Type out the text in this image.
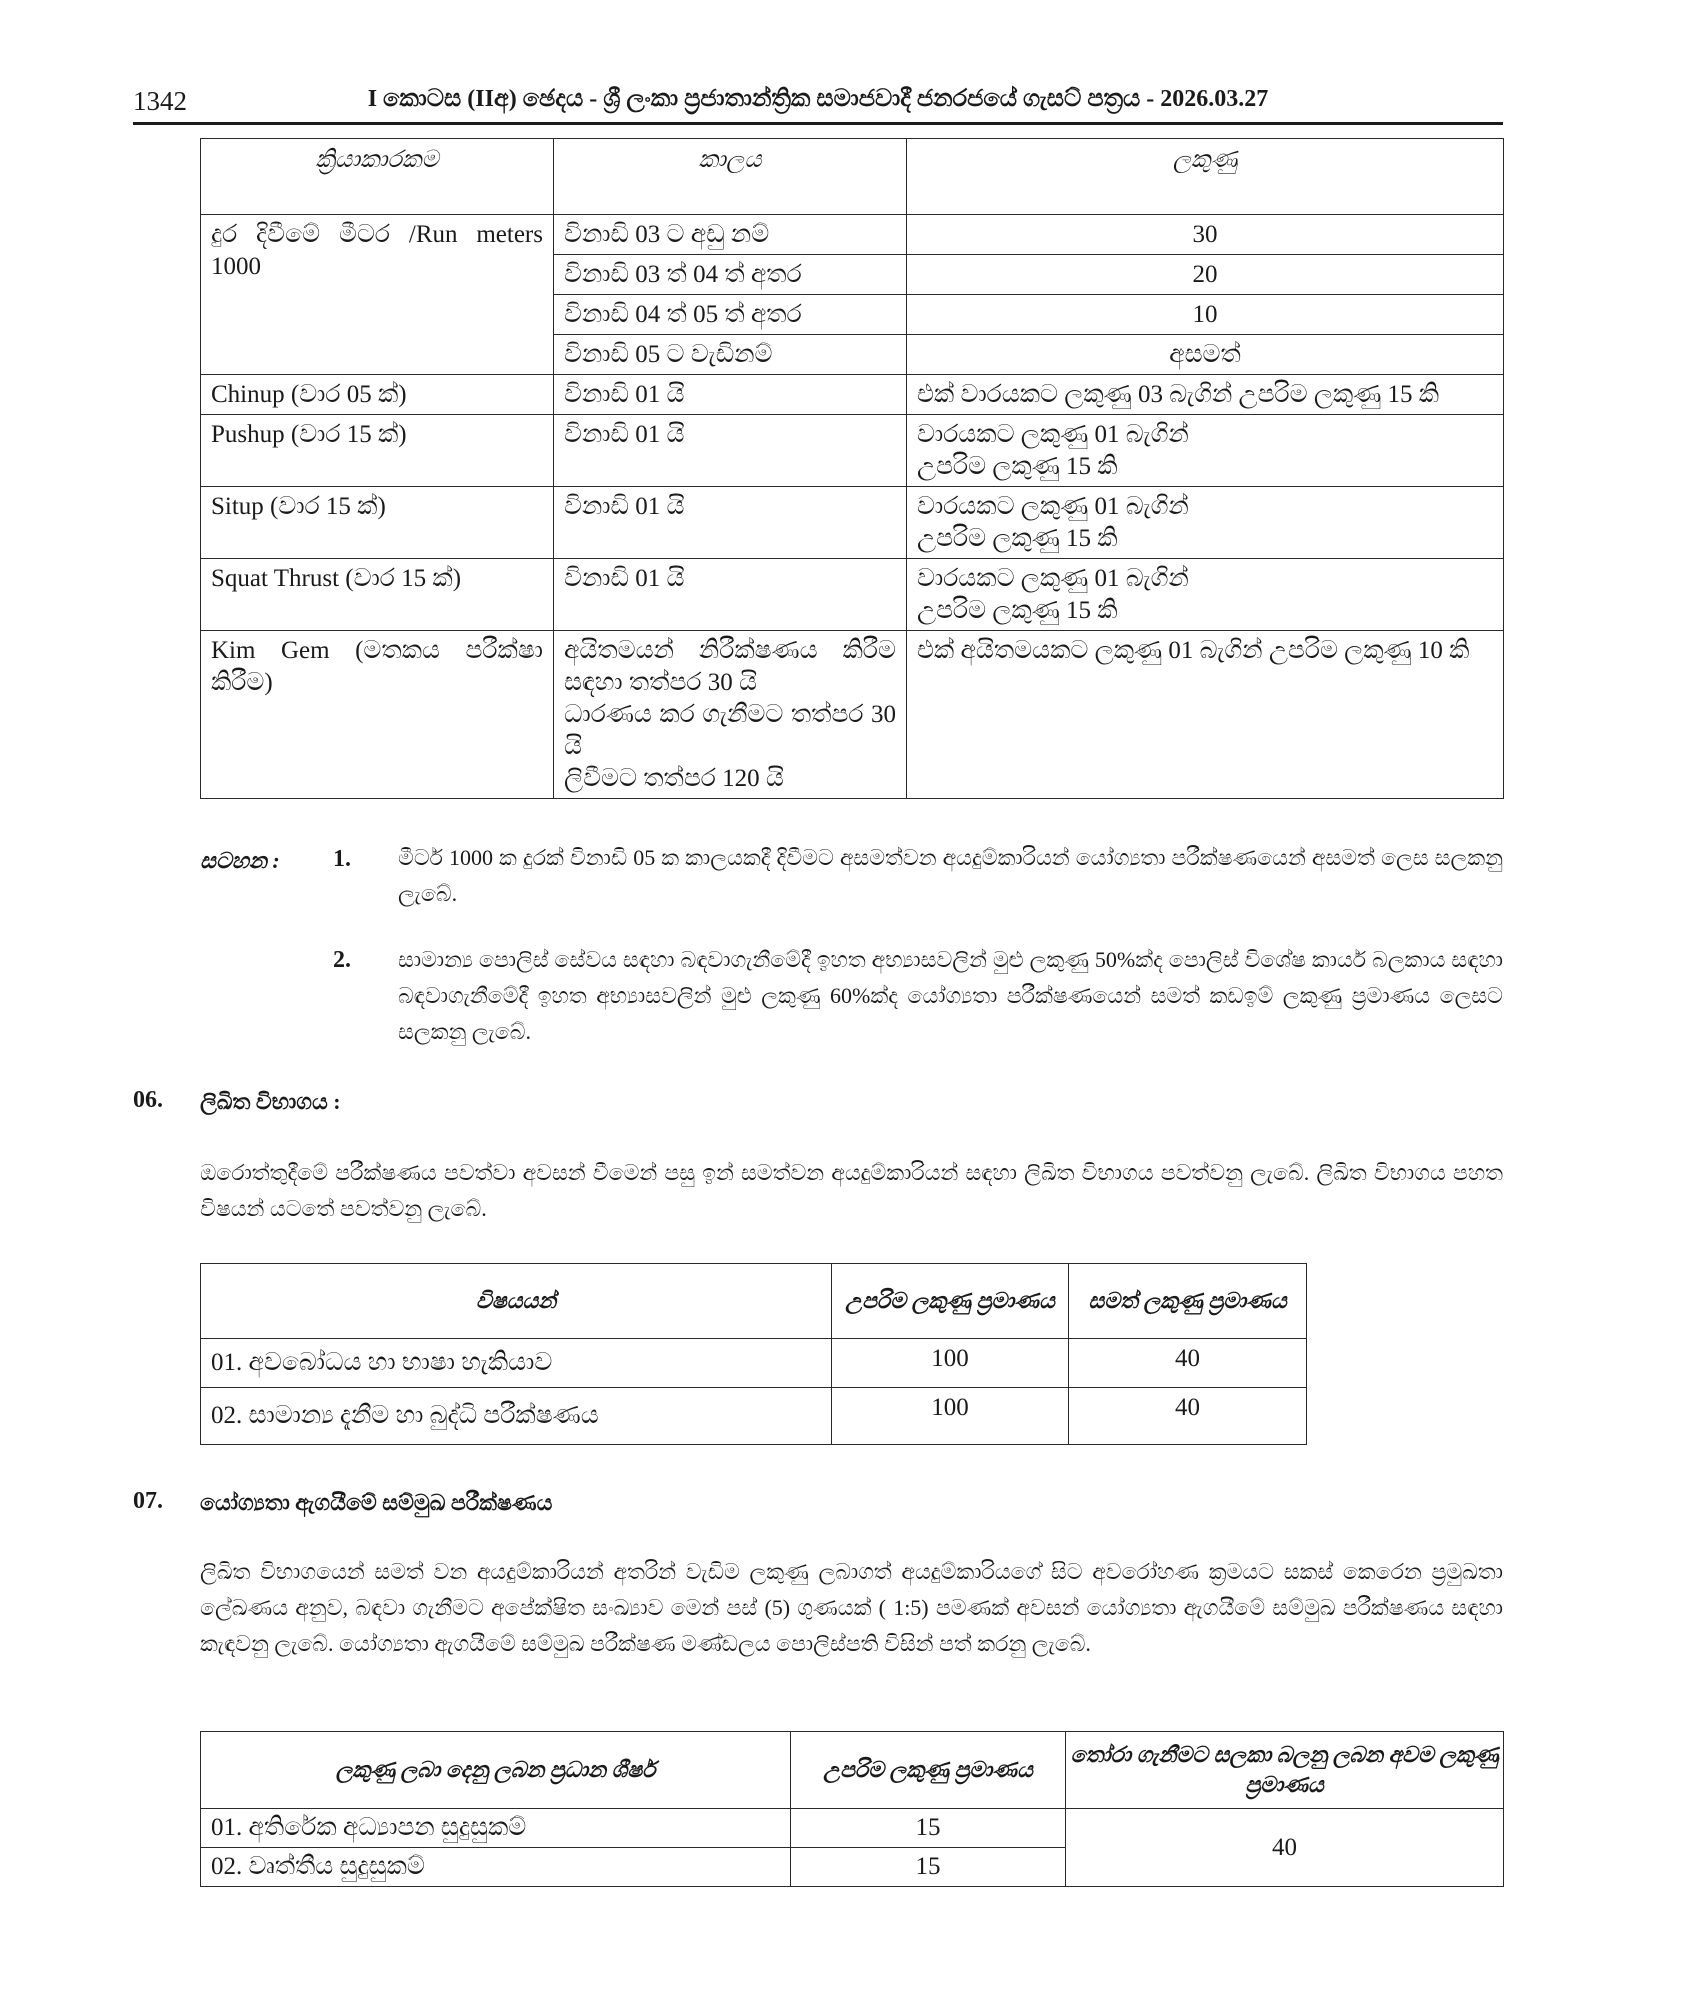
1342	I කොටස (IIඅ) ඡෙදය - ශ්‍රී ලංකා ප්‍රජාතාන්ත්‍රික සමාජවාදී ජනරජයේ ගැසට් පත්‍රය - 2026.03.27
ක්‍රියාකාරකම	කාලය	ලකුණු
දුර දිවීමේ මීටර /Run meters 1000	විනාඩි 03 ට අඩු නම්	30
	විනාඩි 03 ත් 04 ත් අතර	20
	විනාඩි 04 ත් 05 ත් අතර	10
	විනාඩි 05 ට වැඩිනම්	අසමත්
Chinup (වාර 05 ක්)	විනාඩි 01 යි	එක් වාරයකට ලකුණු 03 බැගින් උපරිම ලකුණු 15 කි
Pushup (වාර 15 ක්)	විනාඩි 01 යි	වාරයකට ලකුණු 01 බැගින්
උපරිම ලකුණු 15 කි

Situp (වාර 15 ක්)	විනාඩි 01 යි	වාරයකට ලකුණු 01 බැගින්
උපරිම ලකුණු 15 කි

Squat Thrust (වාර 15 ක්)	විනාඩි 01 යි	වාරයකට ලකුණු 01 බැගින්
උපරිම ලකුණු 15 කි

Kim Gem (මතකය පරීක්ෂා කිරීම)	අයිතමයන් නිරීක්ෂණය කිරීම සඳහා තත්පර 30 යි
ධාරණය කර ගැනීමට තත්පර 30 යි
ලිවීමට තත්පර 120 යි	එක් අයිතමයකට ලකුණු 01 බැගින් උපරිම ලකුණු 10 කි
සටහන : 1. මීටර් 1000 ක දුරක් විනාඩි 05 ක කාලයකදී දිවීමට අසමත්වන අයදුම්කාරියන් යෝග්‍යතා පරීක්ෂණයෙන් අසමත් ලෙස සලකනු ලැබේ.
2. සාමාන්‍ය පොලිස් සේවය සඳහා බඳවාගැනීමේදී ඉහත අභ්‍යාසවලින් මුළු ලකුණු 50%ක්ද පොලිස් විශේෂ කාර්ය බලකාය සඳහා බඳවාගැනීමේදී ඉහත අභ්‍යාසවලින් මුළු ලකුණු 60%ක්ද යෝග්‍යතා පරීක්ෂණයෙන් සමත් කඩඉම් ලකුණු ප්‍රමාණය ලෙසට සලකනු ලැබේ.
06. ලිඛිත විභාගය :
ඔරොත්තුදීමේ පරීක්ෂණය පවත්වා අවසන් වීමෙන් පසු ඉන් සමත්වන අයදුම්කාරියන් සඳහා ලිඛිත විභාගය පවත්වනු ලැබේ. ලිඛිත විභාගය පහත විෂයන් යටතේ පවත්වනු ලැබේ.
විෂයයන්	උපරිම ලකුණු ප්‍රමාණය	සමත් ලකුණු ප්‍රමාණය
01. අවබෝධය හා භාෂා හැකියාව	100	40
02. සාමාන්‍ය දැනීම හා බුද්ධි පරීක්ෂණය	100	40
07. යෝග්‍යතා ඇගයීමේ සම්මුඛ පරීක්ෂණය
ලිඛිත විභාගයෙන් සමත් වන අයදුම්කාරියන් අතරින් වැඩිම ලකුණු ලබාගත් අයදුම්කාරියගේ සිට අවරෝහණ ක්‍රමයට සකස් කෙරෙන ප්‍රමුඛතා ලේඛණය අනුව, බඳවා ගැනීමට අපේක්ෂිත සංඛ්‍යාව මෙන් පස් (5) ගුණයක් ( 1:5) පමණක් අවසන් යෝග්‍යතා ඇගයීමේ සම්මුඛ පරීක්ෂණය සඳහා කැඳවනු ලැබේ. යෝග්‍යතා ඇගයීමේ සම්මුඛ පරීක්ෂණ මණ්ඩලය පොලිස්පති විසින් පත් කරනු ලැබේ.
ලකුණු ලබා දෙනු ලබන ප්‍රධාන ශීර්ෂ	උපරිම ලකුණු ප්‍රමාණය	තෝරා ගැනීමට සලකා බලනු ලබන අවම ලකුණු ප්‍රමාණය
01. අතිරේක අධ්‍යාපන සුදුසුකම්	15	40
02. වෘත්තීය සුදුසුකම්	15	
